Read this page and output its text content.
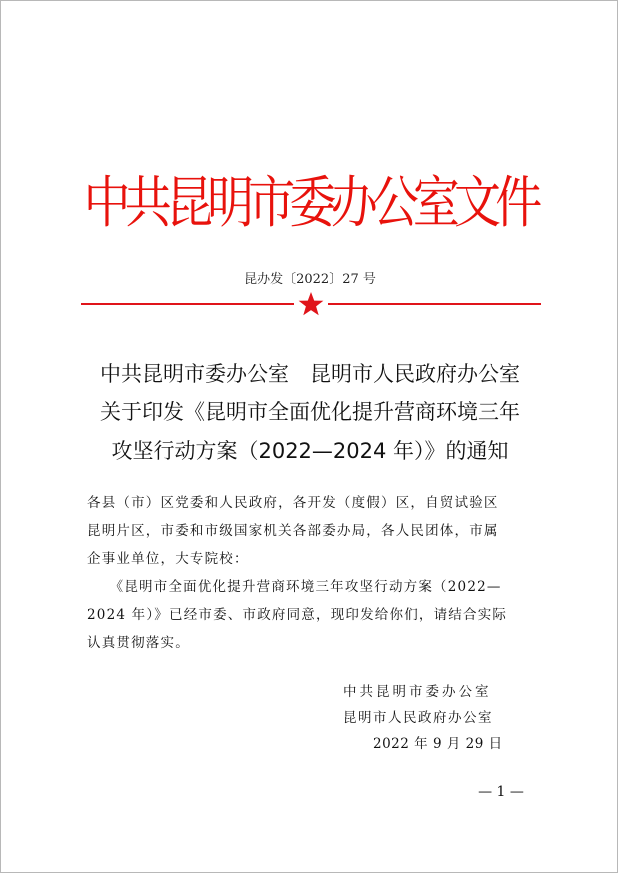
中共昆明市委办公室文件
昆办发〔2022〕27 号
中共昆明市委办公室　昆明市人民政府办公室
关于印发《昆明市全面优化提升营商环境三年
攻坚行动方案（2022—2024 年）》的通知
各县（市）区党委和人民政府，各开发（度假）区，自贸试验区
昆明片区，市委和市级国家机关各部委办局，各人民团体，市属
企事业单位，大专院校：
　　《昆明市全面优化提升营商环境三年攻坚行动方案（2022—
2024 年）》已经市委、市政府同意，现印发给你们，请结合实际
认真贯彻落实。
中共昆明市委办公室
昆明市人民政府办公室
2022 年 9 月 29 日
— 1 —
